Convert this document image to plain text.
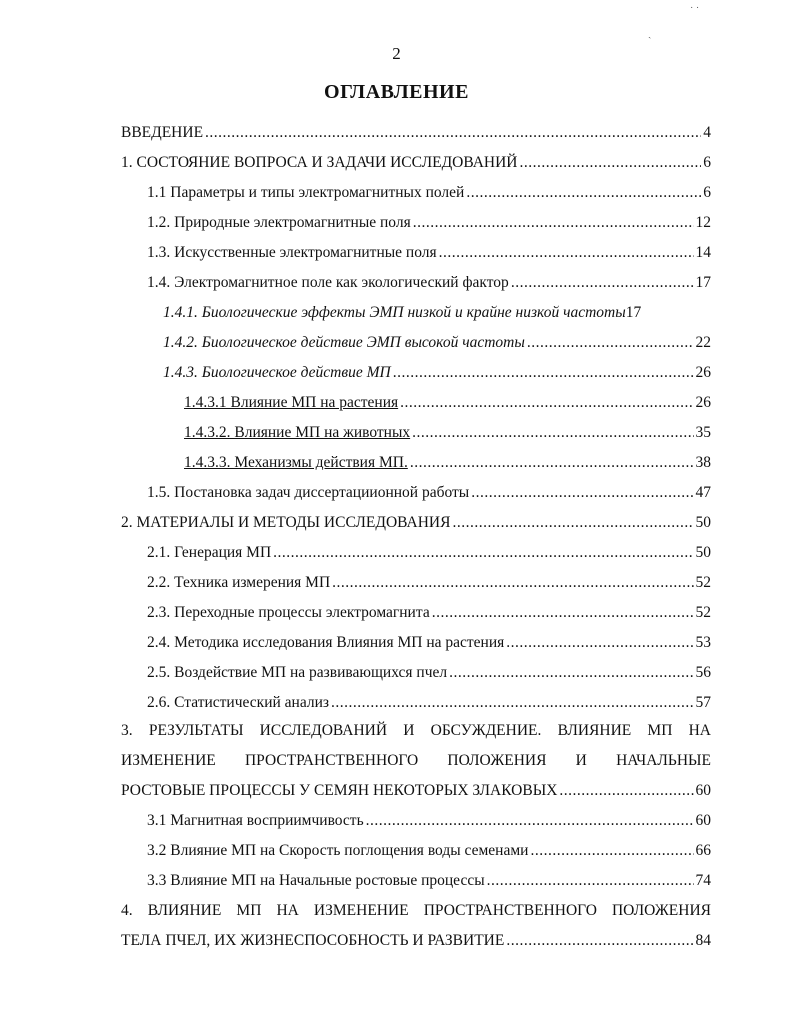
˙ ˙
ˏ
2
ОГЛАВЛЕНИЕ
ВВЕДЕНИЕ .....	4
1. СОСТОЯНИЕ ВОПРОСА И ЗАДАЧИ ИССЛЕДОВАНИЙ .....	6
1.1 Параметры и типы электромагнитных полей .....	6
1.2. Природные электромагнитные поля .....	12
1.3. Искусственные электромагнитные поля .....	14
1.4. Электромагнитное поле как экологический фактор .....	17
1.4.1. Биологические эффекты ЭМП низкой и крайне низкой частоты 17
1.4.2. Биологическое действие ЭМП высокой частоты .....	22
1.4.3. Биологическое действие МП .....	26
1.4.3.1 Влияние МП на растения .....	26
1.4.3.2. Влияние МП на животных .....	35
1.4.3.3. Механизмы действия МП. .....	38
1.5. Постановка задач диссертациионной работы .....	47
2. МАТЕРИАЛЫ И МЕТОДЫ ИССЛЕДОВАНИЯ .....	50
2.1. Генерация МП .....	50
2.2. Техника измерения МП .....	52
2.3. Переходные процессы электромагнита .....	52
2.4. Методика исследования Влияния МП на растения .....	53
2.5. Воздействие МП на развивающихся пчел .....	56
2.6. Статистический анализ .....	57
3. РЕЗУЛЬТАТЫ ИССЛЕДОВАНИЙ И ОБСУЖДЕНИЕ. ВЛИЯНИЕ МП НА
ИЗМЕНЕНИЕ ПРОСТРАНСТВЕННОГО ПОЛОЖЕНИЯ И НАЧАЛЬНЫЕ
РОСТОВЫЕ ПРОЦЕССЫ У СЕМЯН НЕКОТОРЫХ ЗЛАКОВЫХ .....	60
3.1 Магнитная восприимчивость .....	60
3.2 Влияние МП на Скорость поглощения воды семенами .....	66
3.3 Влияние МП на Начальные ростовые процессы .....	74
4. ВЛИЯНИЕ МП НА ИЗМЕНЕНИЕ ПРОСТРАНСТВЕННОГО ПОЛОЖЕНИЯ
ТЕЛА ПЧЕЛ, ИХ ЖИЗНЕСПОСОБНОСТЬ И РАЗВИТИЕ .....	84
